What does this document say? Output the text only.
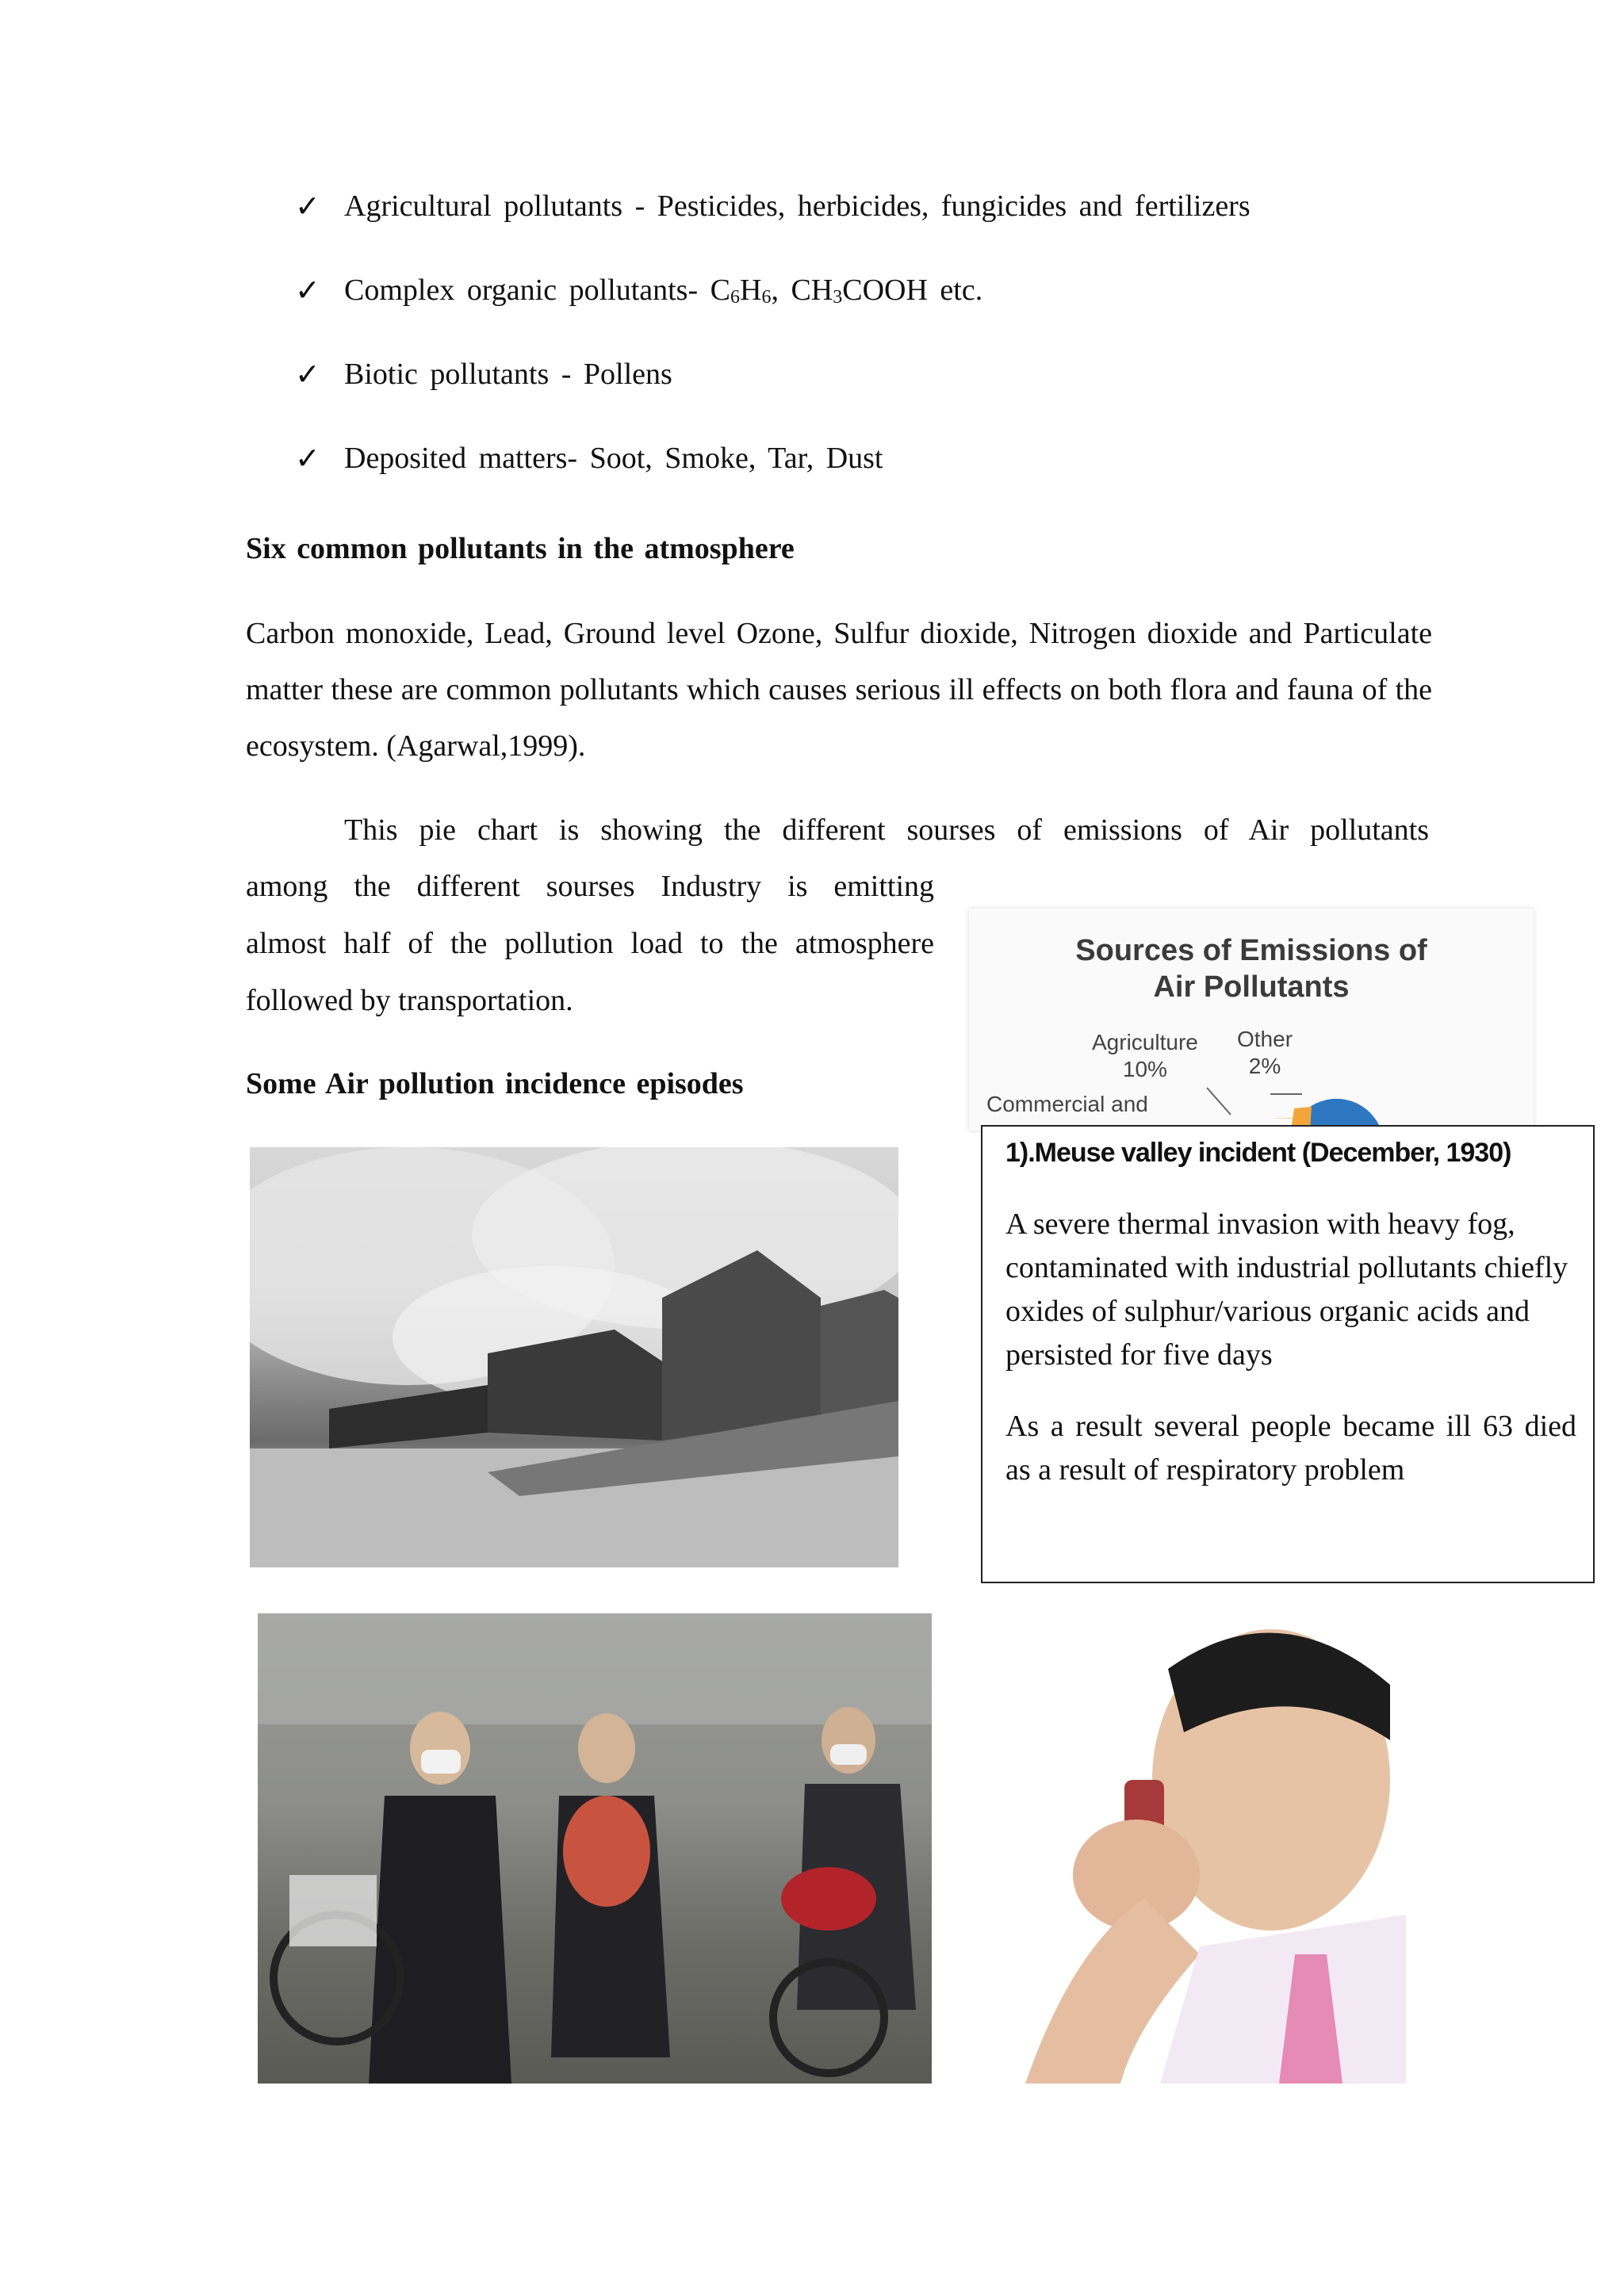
✓ Agricultural pollutants - Pesticides, herbicides, fungicides and fertilizers
✓ Complex organic pollutants- $C_6H_6$, $CH_3COOH$ etc.
✓ Biotic pollutants - Pollens
✓ Deposited matters- Soot, Smoke, Tar, Dust
Six common pollutants in the atmosphere
Carbon monoxide, Lead, Ground level Ozone, Sulfur dioxide, Nitrogen dioxide and Particulate matter these are common pollutants which causes serious ill effects on both flora and fauna of the ecosystem. (Agarwal,1999).
This pie chart is showing the different sourses of emissions of Air pollutants
among the different sourses Industry is emitting
almost half of the pollution load to the atmosphere
followed by transportation.
Some Air pollution incidence episodes
Sources of Emissions of
Air Pollutants
Agriculture
10%
Other
2%
Commercial and
1).Meuse valley incident (December, 1930)
A severe thermal invasion with heavy fog, contaminated with industrial pollutants chiefly oxides of sulphur/various organic acids and persisted for five days
As a result several people became ill 63 died as a result of respiratory problem
